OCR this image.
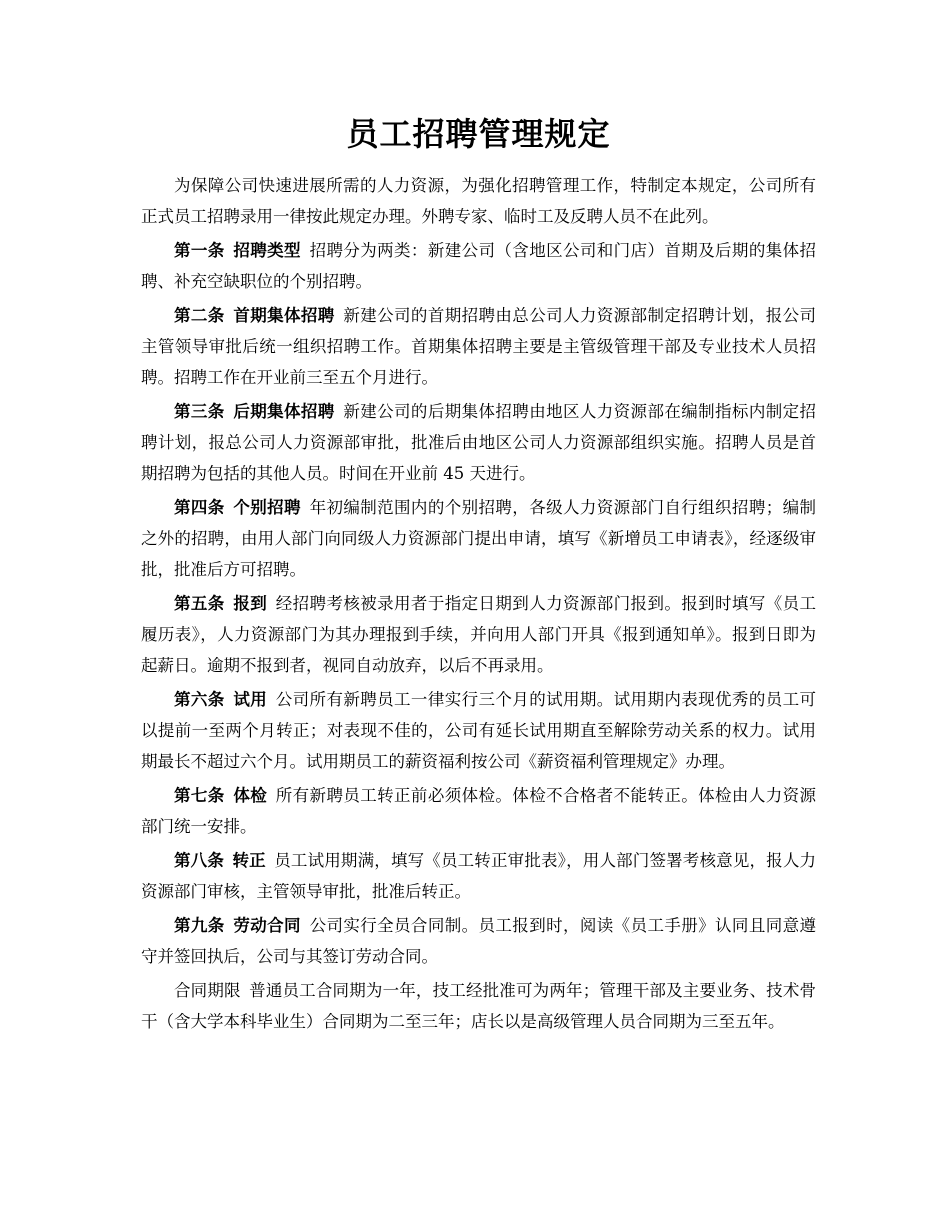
员工招聘管理规定

为保障公司快速进展所需的人力资源，为强化招聘管理工作，特制定本规定，公司所有正式员工招聘录用一律按此规定办理。外聘专家、临时工及反聘人员不在此列。

第一条 招聘类型 招聘分为两类：新建公司（含地区公司和门店）首期及后期的集体招聘、补充空缺职位的个别招聘。

第二条 首期集体招聘 新建公司的首期招聘由总公司人力资源部制定招聘计划，报公司主管领导审批后统一组织招聘工作。首期集体招聘主要是主管级管理干部及专业技术人员招聘。招聘工作在开业前三至五个月进行。

第三条 后期集体招聘 新建公司的后期集体招聘由地区人力资源部在编制指标内制定招聘计划，报总公司人力资源部审批，批准后由地区公司人力资源部组织实施。招聘人员是首期招聘为包括的其他人员。时间在开业前 45 天进行。

第四条 个别招聘 年初编制范围内的个别招聘，各级人力资源部门自行组织招聘；编制之外的招聘，由用人部门向同级人力资源部门提出申请，填写《新增员工申请表》，经逐级审批，批准后方可招聘。

第五条 报到 经招聘考核被录用者于指定日期到人力资源部门报到。报到时填写《员工履历表》，人力资源部门为其办理报到手续，并向用人部门开具《报到通知单》。报到日即为起薪日。逾期不报到者，视同自动放弃，以后不再录用。

第六条 试用 公司所有新聘员工一律实行三个月的试用期。试用期内表现优秀的员工可以提前一至两个月转正；对表现不佳的，公司有延长试用期直至解除劳动关系的权力。试用期最长不超过六个月。试用期员工的薪资福利按公司《薪资福利管理规定》办理。

第七条 体检 所有新聘员工转正前必须体检。体检不合格者不能转正。体检由人力资源部门统一安排。

第八条 转正 员工试用期满，填写《员工转正审批表》，用人部门签署考核意见，报人力资源部门审核，主管领导审批，批准后转正。

第九条 劳动合同 公司实行全员合同制。员工报到时，阅读《员工手册》认同且同意遵守并签回执后，公司与其签订劳动合同。

合同期限 普通员工合同期为一年，技工经批准可为两年；管理干部及主要业务、技术骨干（含大学本科毕业生）合同期为二至三年；店长以是高级管理人员合同期为三至五年。
